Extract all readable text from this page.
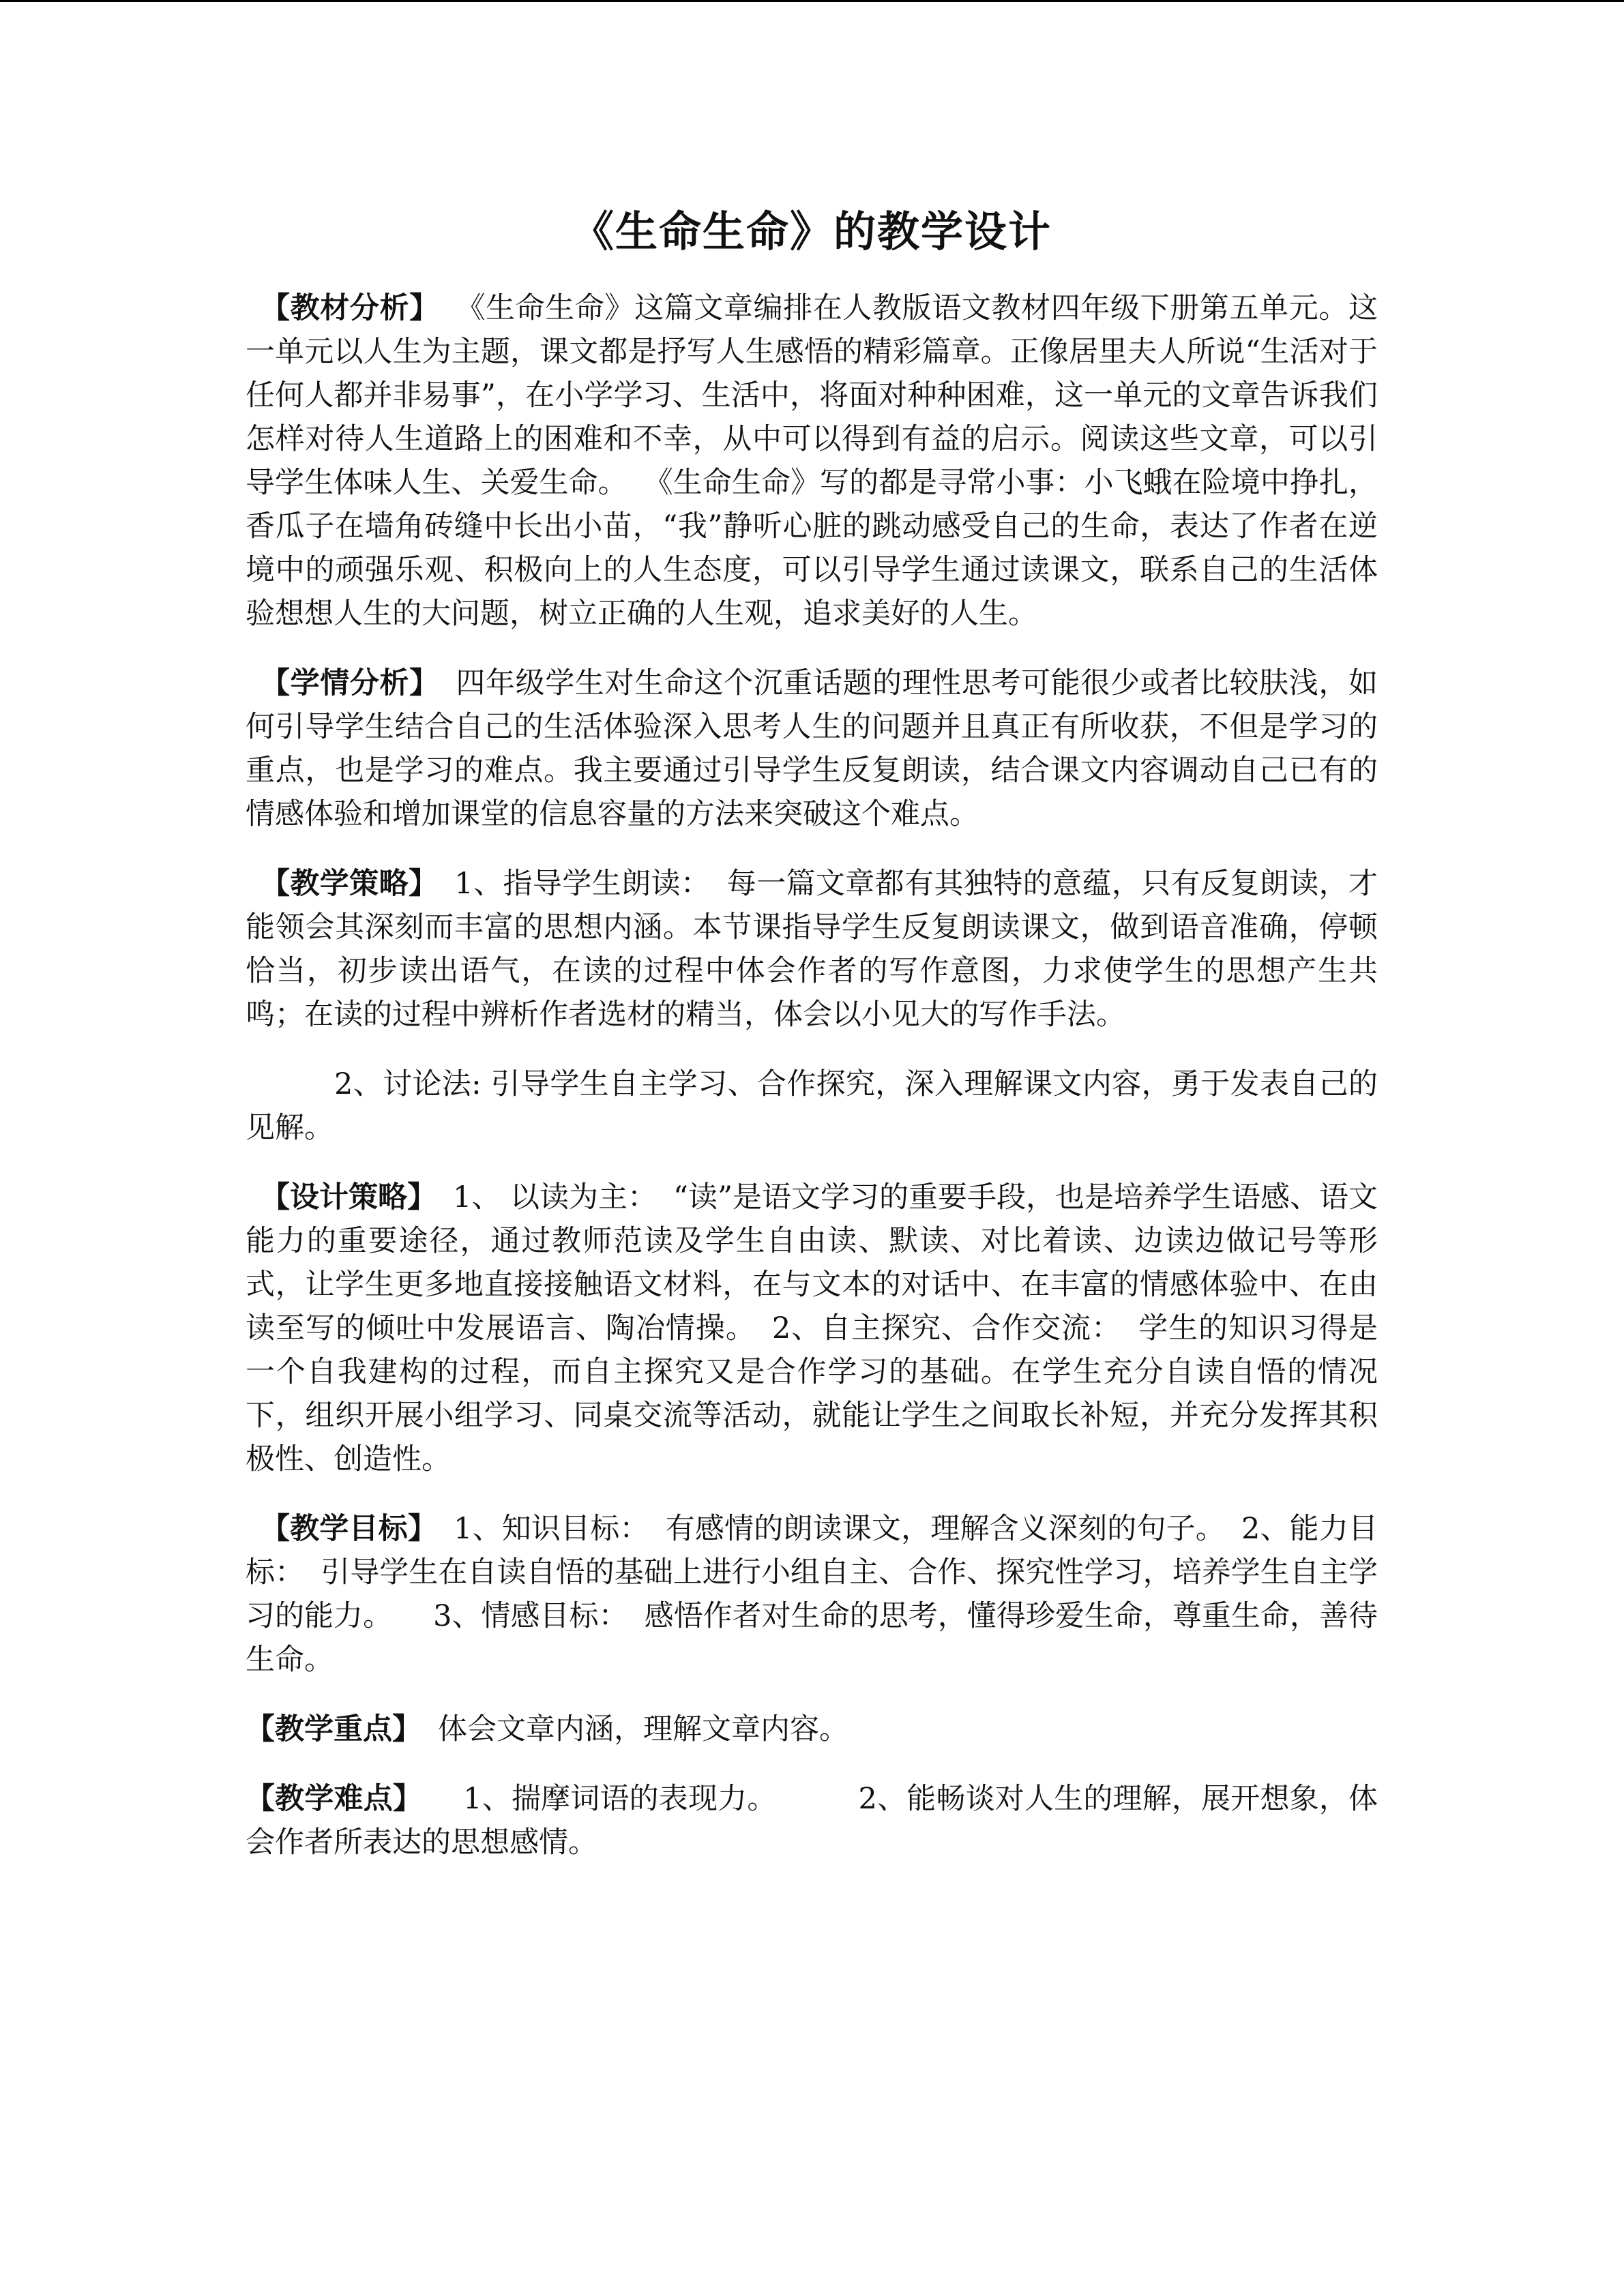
《生命生命》的教学设计

【教材分析】 《生命生命》这篇文章编排在人教版语文教材四年级下册第五单元。这一单元以人生为主题，课文都是抒写人生感悟的精彩篇章。正像居里夫人所说“生活对于任何人都并非易事”，在小学学习、生活中，将面对种种困难，这一单元的文章告诉我们怎样对待人生道路上的困难和不幸，从中可以得到有益的启示。阅读这些文章，可以引导学生体味人生、关爱生命。 《生命生命》写的都是寻常小事：小飞蛾在险境中挣扎，香瓜子在墙角砖缝中长出小苗，“我”静听心脏的跳动感受自己的生命，表达了作者在逆境中的顽强乐观、积极向上的人生态度，可以引导学生通过读课文，联系自己的生活体验想想人生的大问题，树立正确的人生观，追求美好的人生。

【学情分析】 四年级学生对生命这个沉重话题的理性思考可能很少或者比较肤浅，如何引导学生结合自己的生活体验深入思考人生的问题并且真正有所收获，不但是学习的重点，也是学习的难点。我主要通过引导学生反复朗读，结合课文内容调动自己已有的情感体验和增加课堂的信息容量的方法来突破这个难点。

【教学策略】 1、指导学生朗读： 每一篇文章都有其独特的意蕴，只有反复朗读，才能领会其深刻而丰富的思想内涵。本节课指导学生反复朗读课文，做到语音准确，停顿恰当，初步读出语气，在读的过程中体会作者的写作意图，力求使学生的思想产生共鸣；在读的过程中辨析作者选材的精当，体会以小见大的写作手法。

2、讨论法: 引导学生自主学习、合作探究，深入理解课文内容，勇于发表自己的见解。

【设计策略】 1、 以读为主： “读”是语文学习的重要手段，也是培养学生语感、语文能力的重要途径，通过教师范读及学生自由读、默读、对比着读、边读边做记号等形式，让学生更多地直接接触语文材料，在与文本的对话中、在丰富的情感体验中、在由读至写的倾吐中发展语言、陶冶情操。 2、自主探究、合作交流： 学生的知识习得是一个自我建构的过程，而自主探究又是合作学习的基础。在学生充分自读自悟的情况下，组织开展小组学习、同桌交流等活动，就能让学生之间取长补短，并充分发挥其积极性、创造性。

【教学目标】 1、知识目标： 有感情的朗读课文，理解含义深刻的句子。 2、能力目标： 引导学生在自读自悟的基础上进行小组自主、合作、探究性学习，培养学生自主学习的能力。 3、情感目标： 感悟作者对生命的思考，懂得珍爱生命，尊重生命，善待生命。

【教学重点】 体会文章内涵，理解文章内容。

【教学难点】 1、揣摩词语的表现力。	2、能畅谈对人生的理解，展开想象，体会作者所表达的思想感情。
